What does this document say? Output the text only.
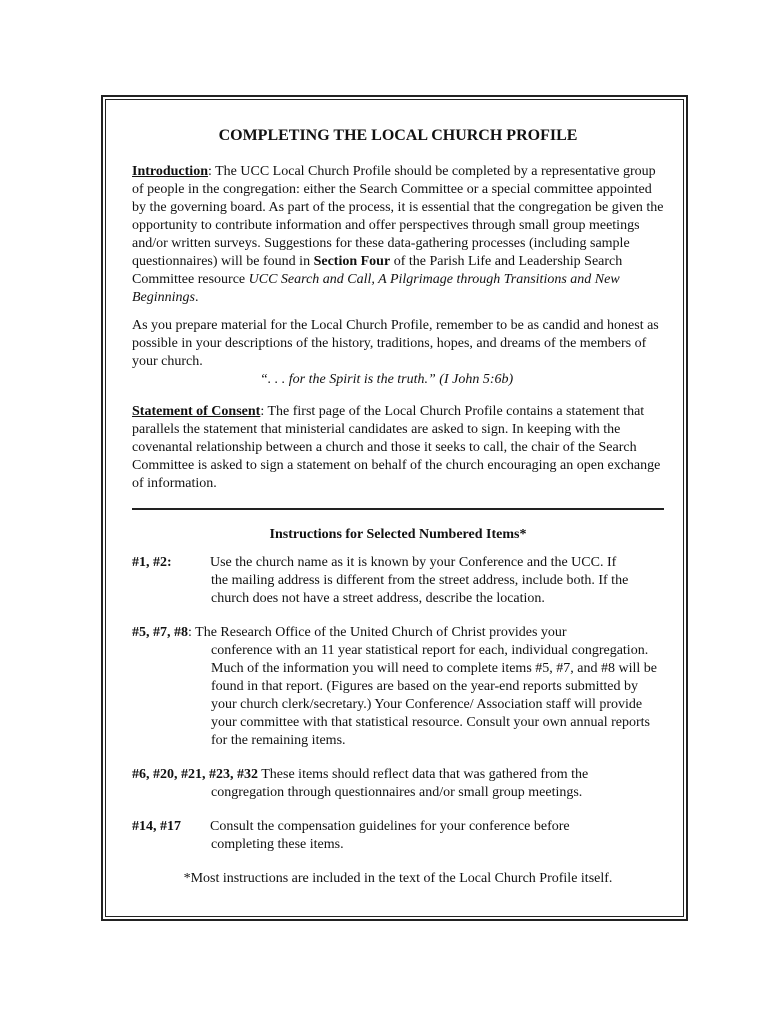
COMPLETING THE LOCAL CHURCH PROFILE

Introduction: The UCC Local Church Profile should be completed by a representative group of people in the congregation: either the Search Committee or a special committee appointed by the governing board. As part of the process, it is essential that the congregation be given the opportunity to contribute information and offer perspectives through small group meetings and/or written surveys. Suggestions for these data-gathering processes (including sample questionnaires) will be found in Section Four of the Parish Life and Leadership Search Committee resource UCC Search and Call, A Pilgrimage through Transitions and New Beginnings.

As you prepare material for the Local Church Profile, remember to be as candid and honest as possible in your descriptions of the history, traditions, hopes, and dreams of the members of your church.

“. . . for the Spirit is the truth.” (I John 5:6b)

Statement of Consent: The first page of the Local Church Profile contains a statement that parallels the statement that ministerial candidates are asked to sign. In keeping with the covenantal relationship between a church and those it seeks to call, the chair of the Search Committee is asked to sign a statement on behalf of the church encouraging an open exchange of information.

Instructions for Selected Numbered Items*
#1, #2:	Use the church name as it is known by your Conference and the UCC. If
the mailing address is different from the street address, include both. If the church does not have a street address, describe the location.
#5, #7, #8: The Research Office of the United Church of Christ provides your
conference with an 11 year statistical report for each, individual congregation. Much of the information you will need to complete items #5, #7, and #8 will be found in that report. (Figures are based on the year-end reports submitted by your church clerk/secretary.) Your Conference/ Association staff will provide your committee with that statistical resource. Consult your own annual reports for the remaining items.
#6, #20, #21, #23, #32 These items should reflect data that was gathered from the
congregation through questionnaires and/or small group meetings.
#14, #17	Consult the compensation guidelines for your conference before
completing these items.

*Most instructions are included in the text of the Local Church Profile itself.
